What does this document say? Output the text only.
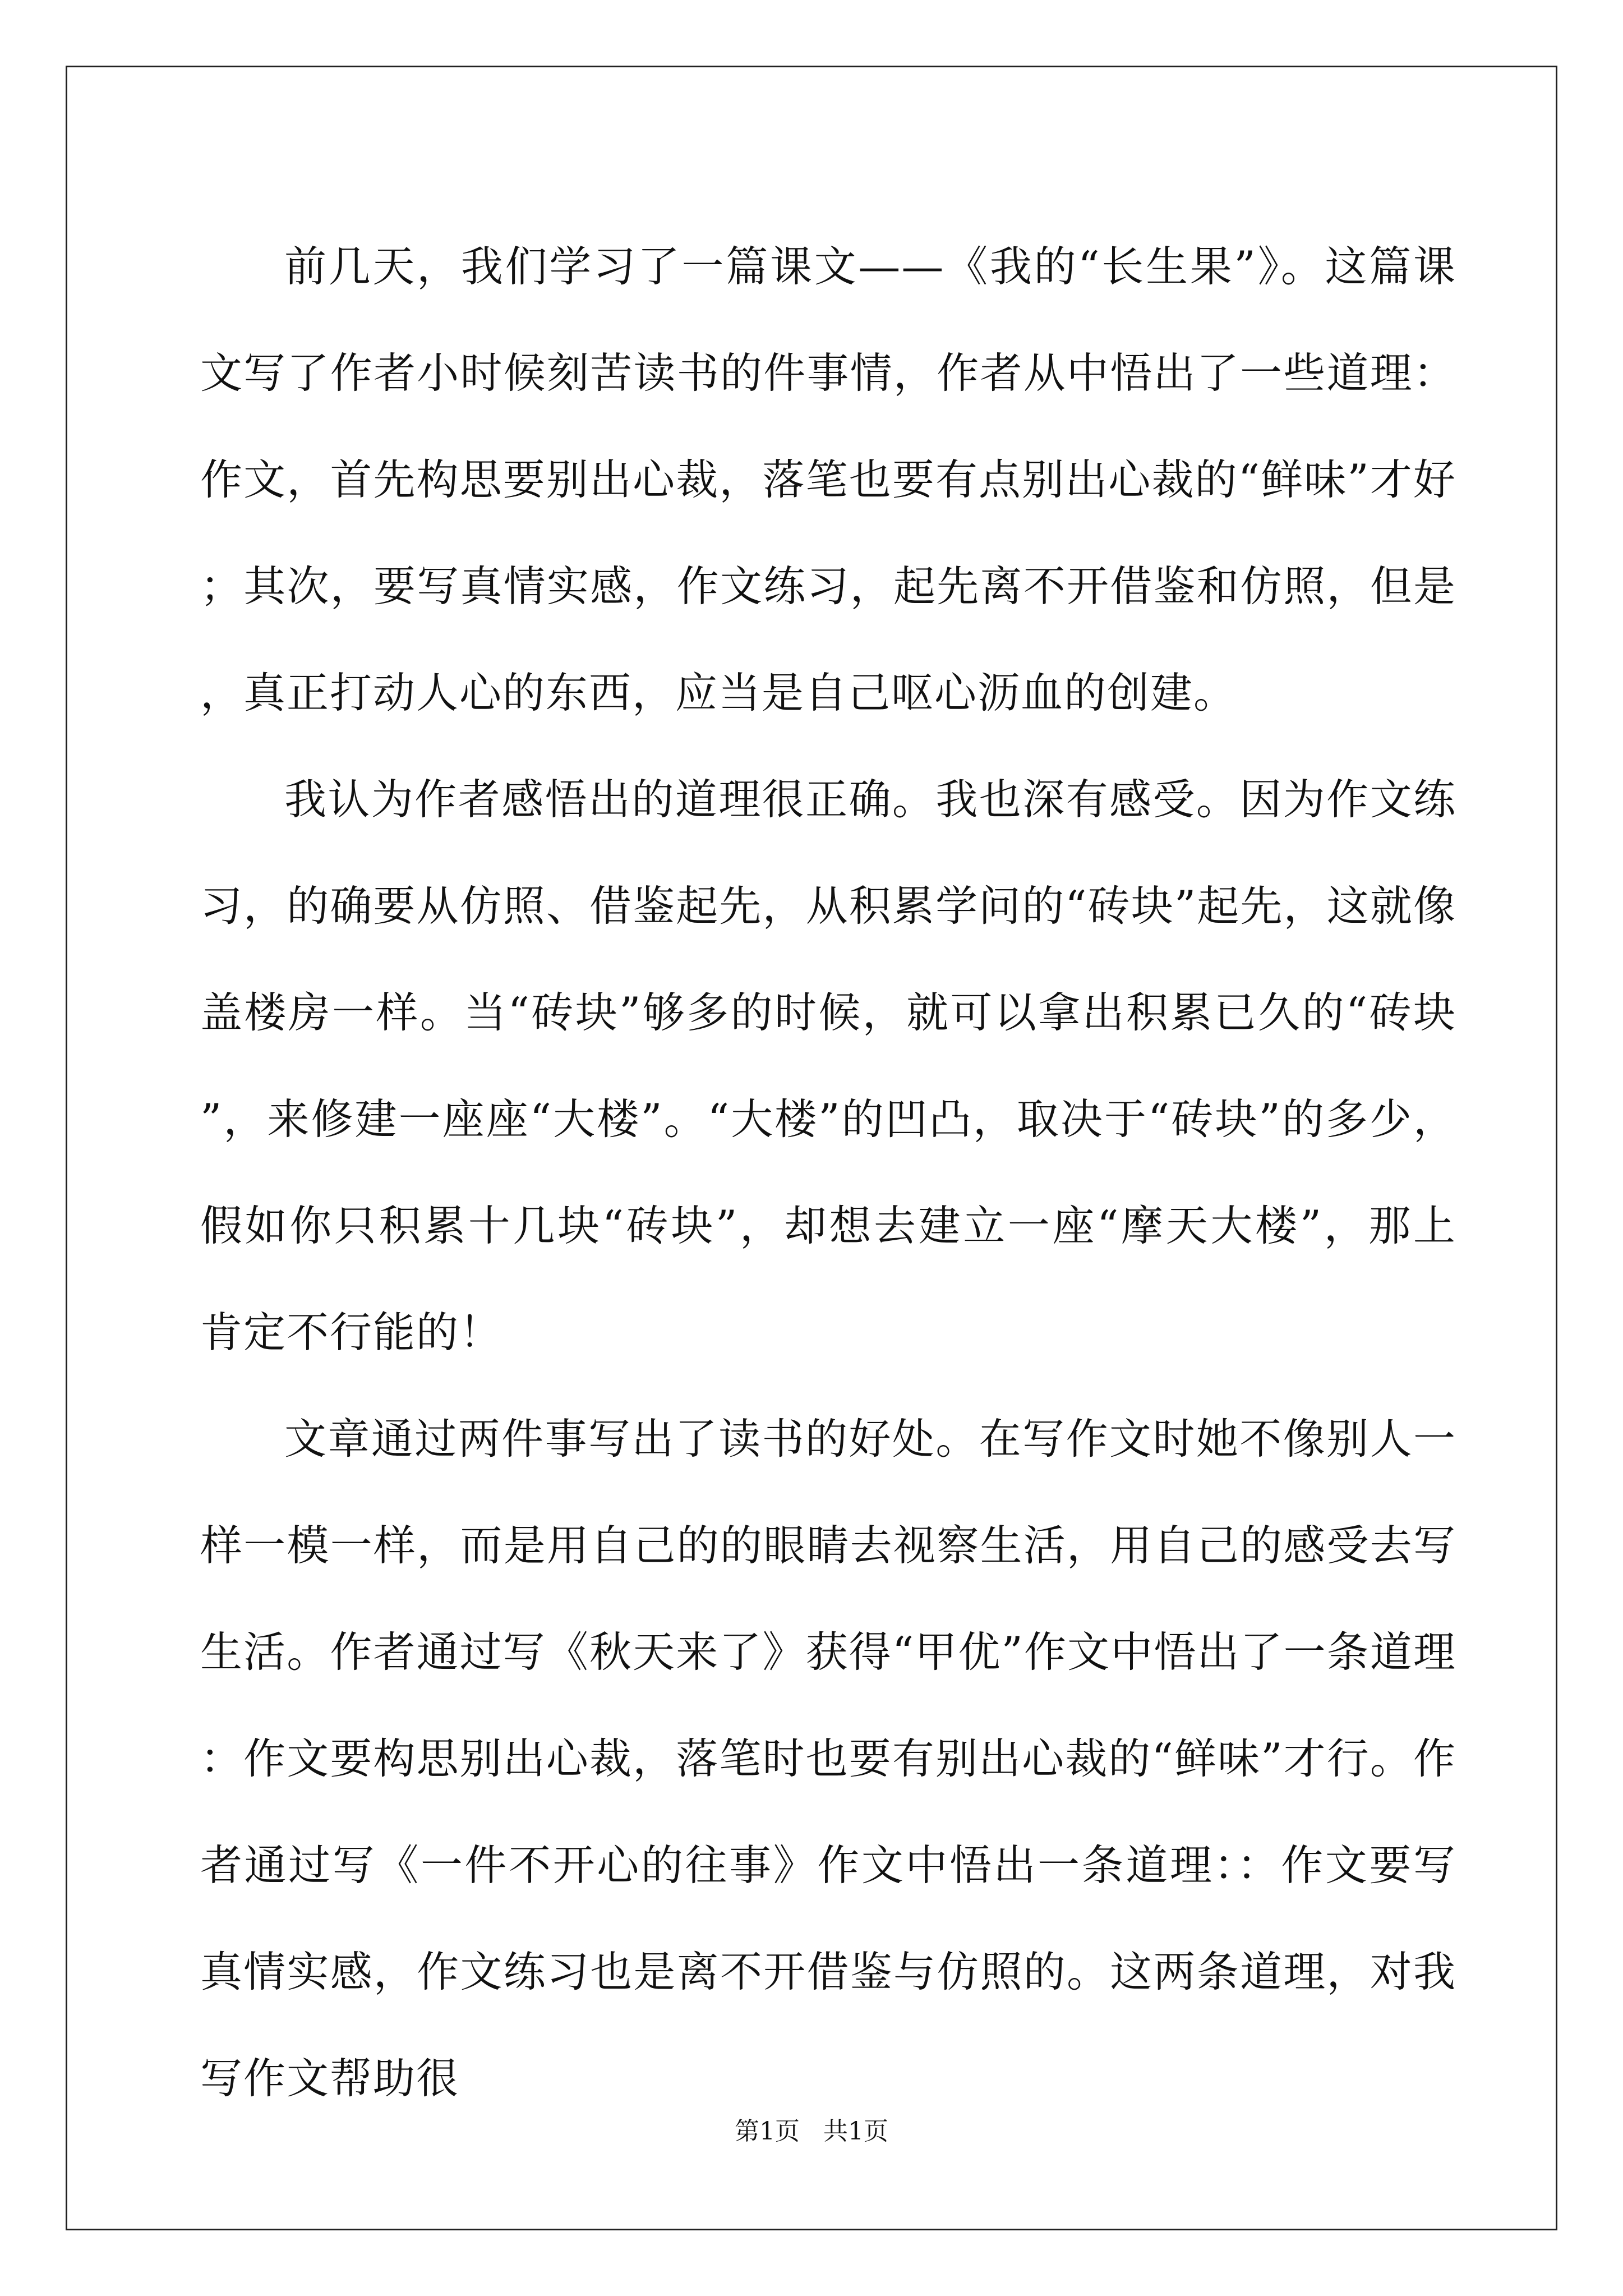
前几天，我们学习了一篇课文——《我的“长生果”》。这篇课文写了作者小时候刻苦读书的件事情，作者从中悟出了一些道理：作文，首先构思要别出心裁，落笔也要有点别出心裁的“鲜味”才好；其次，要写真情实感，作文练习，起先离不开借鉴和仿照，但是，真正打动人心的东西，应当是自己呕心沥血的创建。

我认为作者感悟出的道理很正确。我也深有感受。因为作文练习，的确要从仿照、借鉴起先，从积累学问的“砖块”起先，这就像盖楼房一样。当“砖块”够多的时候，就可以拿出积累已久的“砖块”，来修建一座座“大楼”。“大楼”的凹凸，取决于“砖块”的多少，假如你只积累十几块“砖块”，却想去建立一座“摩天大楼”，那上肯定不行能的！

文章通过两件事写出了读书的好处。在写作文时她不像别人一样一模一样，而是用自己的的眼睛去视察生活，用自己的感受去写生活。作者通过写《秋天来了》获得“甲优”作文中悟出了一条道理：作文要构思别出心裁，落笔时也要有别出心裁的“鲜味”才行。作者通过写《一件不开心的往事》作文中悟出一条道理：：作文要写真情实感，作文练习也是离不开借鉴与仿照的。这两条道理，对我写作文帮助很

第1页   共1页
